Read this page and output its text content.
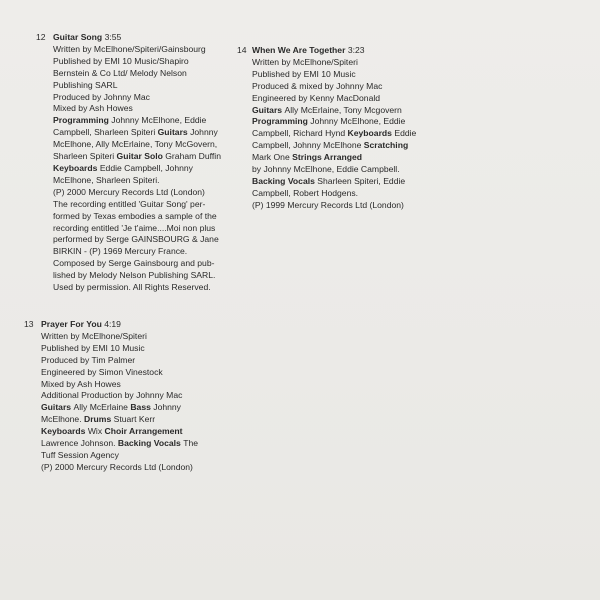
12 Guitar Song 3:55
Written by McElhone/Spiteri/Gainsbourg
Published by EMI 10 Music/Shapiro
Bernstein & Co Ltd/ Melody Nelson
Publishing SARL
Produced by Johnny Mac
Mixed by Ash Howes
Programming Johnny McElhone, Eddie
Campbell, Sharleen Spiteri Guitars Johnny
McElhone, Ally McErlaine, Tony McGovern,
Sharleen Spiteri Guitar Solo Graham Duffin
Keyboards Eddie Campbell, Johnny
McElhone, Sharleen Spiteri.
(P) 2000 Mercury Records Ltd (London)
The recording entitled 'Guitar Song' per-
formed by Texas embodies a sample of the
recording entitled 'Je t'aime....Moi non plus
performed by Serge GAINSBOURG & Jane
BIRKIN - (P) 1969 Mercury France.
Composed by Serge Gainsbourg and pub-
lished by Melody Nelson Publishing SARL.
Used by permission. All Rights Reserved.
13 Prayer For You 4:19
Written by McElhone/Spiteri
Published by EMI 10 Music
Produced by Tim Palmer
Engineered by Simon Vinestock
Mixed by Ash Howes
Additional Production by Johnny Mac
Guitars Ally McErlaine Bass Johnny
McElhone. Drums Stuart Kerr
Keyboards Wix Choir Arrangement
Lawrence Johnson. Backing Vocals The
Tuff Session Agency
(P) 2000 Mercury Records Ltd (London)
14 When We Are Together 3:23
Written by McElhone/Spiteri
Published by EMI 10 Music
Produced & mixed by Johnny Mac
Engineered by Kenny MacDonald
Guitars Ally McErlaine, Tony Mcgovern
Programming Johnny McElhone, Eddie
Campbell, Richard Hynd Keyboards Eddie
Campbell, Johnny McElhone Scratching
Mark One Strings Arranged
by Johnny McElhone, Eddie Campbell.
Backing Vocals Sharleen Spiteri, Eddie
Campbell, Robert Hodgens.
(P) 1999 Mercury Records Ltd (London)
